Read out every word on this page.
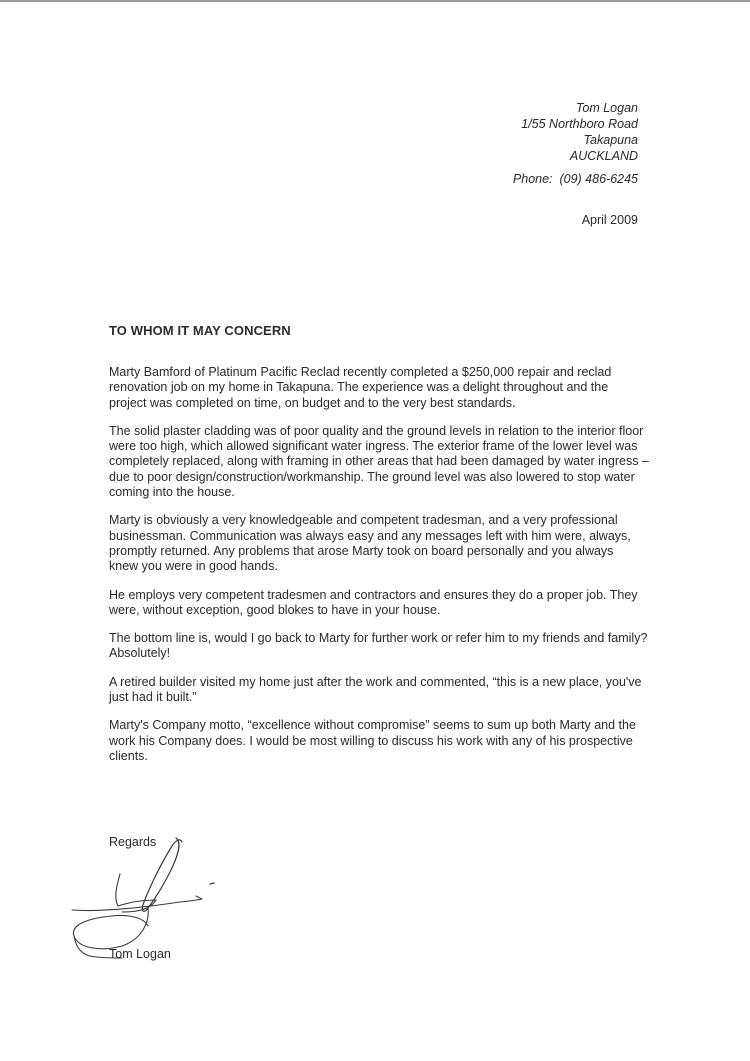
Tom Logan
1/55 Northboro Road
Takapuna
AUCKLAND
Phone:  (09) 486-6245
April 2009
TO WHOM IT MAY CONCERN

Marty Bamford of Platinum Pacific Reclad recently completed a $250,000 repair and reclad
renovation job on my home in Takapuna. The experience was a delight throughout and the
project was completed on time, on budget and to the very best standards.

The solid plaster cladding was of poor quality and the ground levels in relation to the interior floor
were too high, which allowed significant water ingress. The exterior frame of the lower level was
completely replaced, along with framing in other areas that had been damaged by water ingress –
due to poor design/construction/workmanship. The ground level was also lowered to stop water
coming into the house.

Marty is obviously a very knowledgeable and competent tradesman, and a very professional
businessman. Communication was always easy and any messages left with him were, always,
promptly returned. Any problems that arose Marty took on board personally and you always
knew you were in good hands.

He employs very competent tradesmen and contractors and ensures they do a proper job. They
were, without exception, good blokes to have in your house.

The bottom line is, would I go back to Marty for further work or refer him to my friends and family?
Absolutely!

A retired builder visited my home just after the work and commented, “this is a new place, you've
just had it built.”

Marty's Company motto, “excellence without compromise” seems to sum up both Marty and the
work his Company does. I would be most willing to discuss his work with any of his prospective
clients.

Regards
Tom Logan
